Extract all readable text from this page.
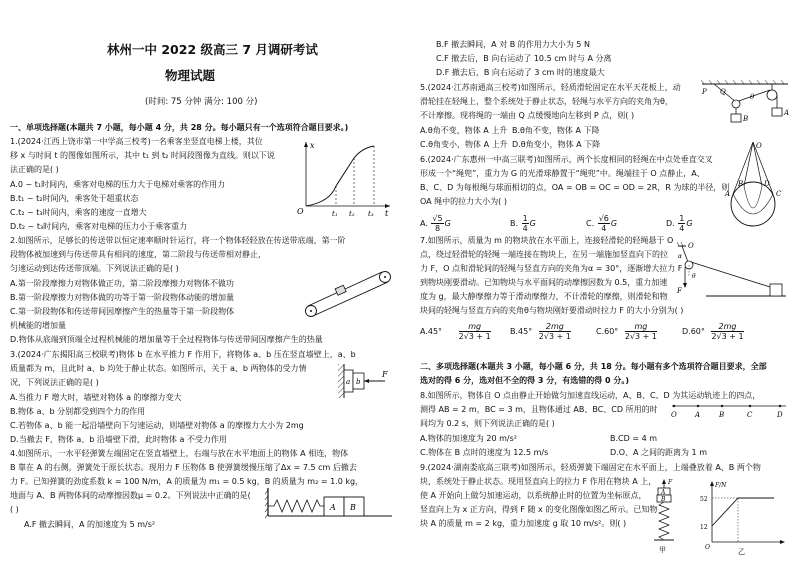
林州一中 2022 级高三 7 月调研考试
物理试题
(时间: 75 分钟 满分: 100 分)
一、单项选择题(本题共 7 小题，每小题 4 分，共 28 分。每小题只有一个选项符合题目要求。)
1.(2024·江西上饶市第一中学高三校考)一名乘客坐竖直电梯上楼，其位
移 x 与时间 t 的图像如图所示，其中 t₁ 到 t₂ 时间段图像为直线。则以下说
法正确的是( )
A.0 ~ t₁时间内，乘客对电梯的压力大于电梯对乘客的作用力
B.t₁ ~ t₂时间内，乘客处于超重状态
C.t₂ ~ t₃时间内，乘客的速度一直增大
D.t₂ ~ t₃时间内，乘客对电梯的压力小于乘客重力
O
x
t
t₁ t₂ t₃
2.如图所示，足够长的传送带以恒定速率顺时针运行，将一个物体轻轻放在传送带底端，第一阶
段物体被加速到与传送带具有相同的速度，第二阶段与传送带相对静止，
匀速运动到达传送带顶端。下列说法正确的是( )
A.第一阶段摩擦力对物体做正功，第二阶段摩擦力对物体不做功
B.第一阶段摩擦力对物体做的功等于第一阶段物体动能的增加量
C.第一阶段物体和传送带间因摩擦产生的热量等于第一阶段物体
机械能的增加量
D.物体从底端到顶端全过程机械能的增加量等于全过程物体与传送带间因摩擦产生的热量
3.(2024·广东揭阳高三校联考)物体 b 在水平推力 F 作用下，将物体 a、b 压在竖直墙壁上，a、b
质量都为 m，且此时 a、b 均处于静止状态。如图所示，关于 a、b 两物体的受力情
况，下列说法正确的是( )
A.当推力 F 增大时，墙壁对物体 a 的摩擦力变大
B.物体 a、b 分别都受到四个力的作用
C.若物体 a、b 能一起沿墙壁向下匀速运动，则墙壁对物体 a 的摩擦力大小为 2mg
D.当撤去 F，物体 a、b 沿墙壁下滑，此时物体 a 不受力作用
a b
F
4.如图所示，一水平轻弹簧左端固定在竖直墙壁上，右端与放在水平地面上的物体 A 相连，物体
B 靠在 A 的右侧，弹簧处于原长状态。现用力 F 压物体 B 使弹簧缓慢压缩了Δx = 7.5 cm 后撤去
力 F。已知弹簧的劲度系数 k = 100 N/m，A 的质量为 m₁ = 0.5 kg，B 的质量为 m₂ = 1.0 kg，
地面与 A、B 两物体间的动摩擦因数μ = 0.2。下列说法中正确的是(
( )
A.F 撤去瞬间，A 的加速度为 5 m/s²
A B
B.F 撤去瞬间，A 对 B 的作用力大小为 5 N
C.F 撤去后，B 向右运动了 10.5 cm 时与 A 分离
D.F 撤去后，B 向右运动了 3 cm 时的速度最大
5.(2024·江苏南通高三校考)如图所示，轻质滑轮固定在水平天花板上，动
滑轮挂在轻绳上，整个系统处于静止状态，轻绳与水平方向的夹角为θ，
不计摩擦。现将绳的一端由 Q 点缓慢地向左移到 P 点，则( )
A.θ角不变，物体 A 上升 B.θ角不变，物体 A 下降
C.θ角变小，物体 A 上升 D.θ角变小，物体 A 下降
P Q
θ
B
A
6.(2024·广东惠州一中高三联考)如图所示，两个长度相同的轻绳在中点处垂直交叉
形成一个“绳兜”，重力为 G 的光滑球静置于“绳兜”中。绳端挂于 O 点静止，A、
B、C、D 为每根绳与球面相切的点，OA = OB = OC = OD = 2R，R 为球的半径，则
OA 绳中的拉力大小为( )
A. $\frac{√5}{8}$ G	B. $\frac{1}{4}$ G	C. $\frac{√6}{4}$ G	D. $\frac{1}{4}$ G
O
A
B
C
D
7.如图所示，质量为 m 的物块放在水平面上，连接轻滑轮的轻绳悬于 O
点，绕过轻滑轮的轻绳一端连接在物块上，在另一端施加竖直向下的拉
力 F，O 点和滑轮间的轻绳与竖直方向的夹角为α = 30°，逐渐增大拉力 F
到物块刚要滑动。已知物块与水平面间的动摩擦因数为 0.5，重力加速
度为 g，最大静摩擦力等于滑动摩擦力，不计滑轮的摩擦，则滑轮和物
块间的轻绳与竖直方向的夹角θ与物块刚好要滑动时拉力 F 的大小分别为( )
$A.45^\circ \frac{mg}{2√3 + 1} B.45^\circ \frac{2mg}{2√3 + 1}$	$C.60^\circ \frac{mg}{2√3 + 1}$	$D.60^\circ \frac{2mg}{2√3 + 1}$
O
F
α
θ
二、多项选择题(本题共 3 小题，每小题 6 分，共 18 分。每小题有多个选项符合题目要求，全部
选对的得 6 分，选对但不全的得 3 分，有选错的得 0 分。)
8.如图所示，物体自 O 点由静止开始做匀加速直线运动，A、B、C、D 为其运动轨迹上的四点，
测得 AB = 2 m，BC = 3 m，且物体通过 AB、BC、CD 所用的时
间均为 0.2 s，则下列说法正确的是( )
A.物体的加速度为 20 m/s²	B.CD = 4 m
C.物体在 B 点时的速度为 12.5 m/s	D.O、A 之间的距离为 1 m
O	A	B	C	D
9.(2024·湖南娄底高三联考)如图所示，轻质弹簧下端固定在水平面上，上端叠放着 A、B 两个物
块，系统处于静止状态。现用竖直向上的拉力 F 作用在物块 A 上，
使 A 开始向上做匀加速运动，以系统静止时的位置为坐标原点，
竖直向上为 x 正方向，得到 F 随 x 的变化图像如图乙所示。已知物
块 A 的质量 m = 2 kg，重力加速度 g 取 10 m/s²。则( )
F
A
B
甲
F/N
52
12
O
乙
